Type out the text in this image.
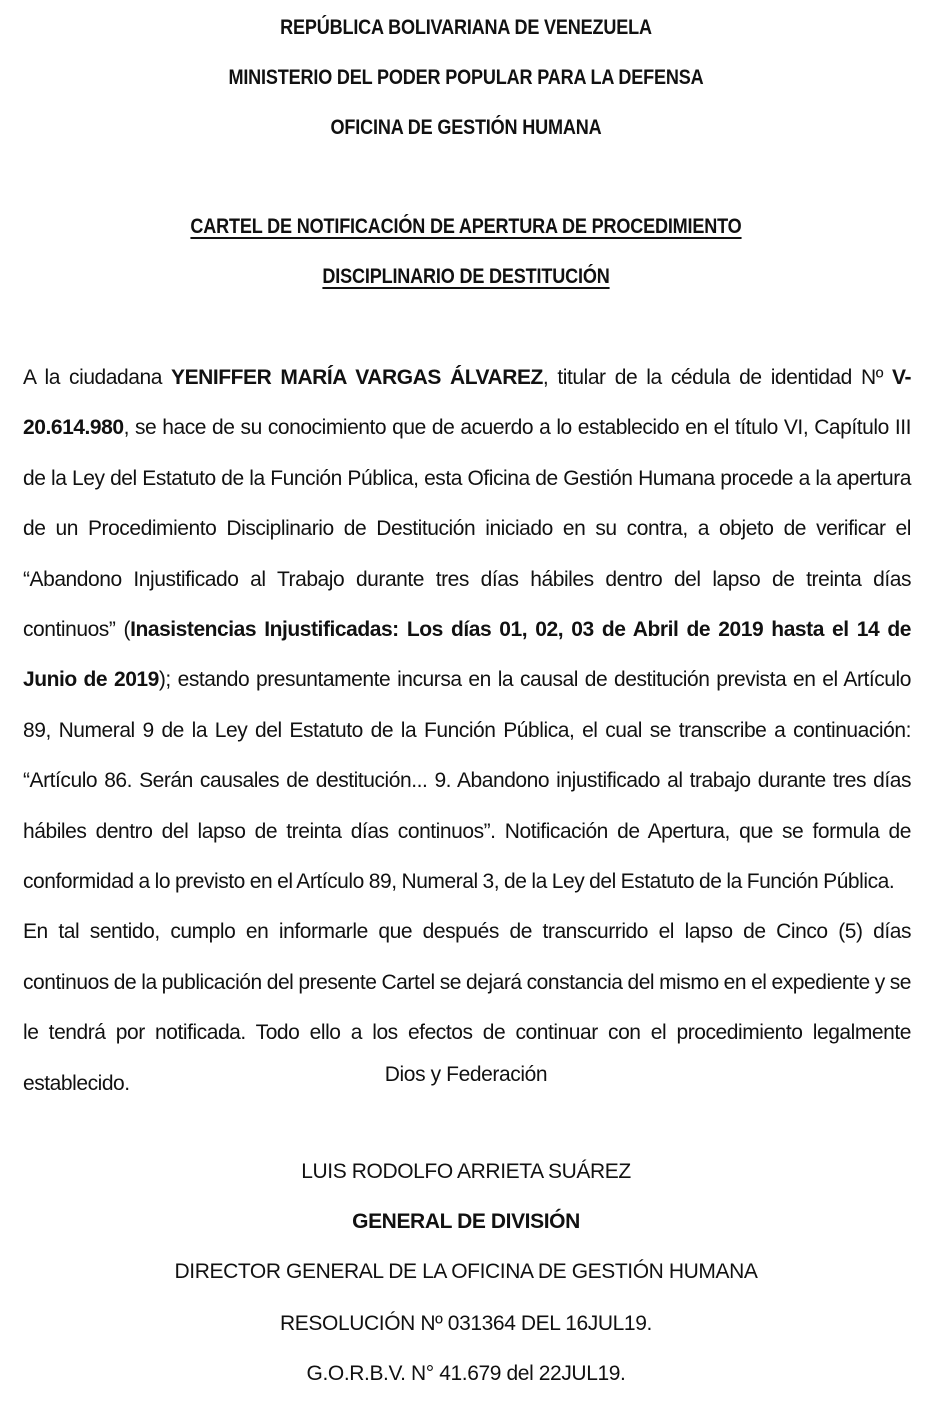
REPÚBLICA BOLIVARIANA DE VENEZUELA
MINISTERIO DEL PODER POPULAR PARA LA DEFENSA
OFICINA DE GESTIÓN HUMANA
CARTEL DE NOTIFICACIÓN DE APERTURA DE PROCEDIMIENTO
DISCIPLINARIO DE DESTITUCIÓN

A la ciudadana YENIFFER MARÍA VARGAS ÁLVAREZ, titular de la cédula de identidad Nº V-20.614.980, se hace de su conocimiento que de acuerdo a lo establecido en el título VI, Capítulo III de la Ley del Estatuto de la Función Pública, esta Oficina de Gestión Humana procede a la apertura de un Procedimiento Disciplinario de Destitución iniciado en su contra, a objeto de verificar el “Abandono Injustificado al Trabajo durante tres días hábiles dentro del lapso de treinta días continuos” (Inasistencias Injustificadas: Los días 01, 02, 03 de Abril de 2019 hasta el 14 de Junio de 2019); estando presuntamente incursa en la causal de destitución prevista en el Artículo 89, Numeral 9 de la Ley del Estatuto de la Función Pública, el cual se transcribe a continuación: “Artículo 86. Serán causales de destitución... 9. Abandono injustificado al trabajo durante tres días hábiles dentro del lapso de treinta días continuos”. Notificación de Apertura, que se formula de conformidad a lo previsto en el Artículo 89, Numeral 3, de la Ley del Estatuto de la Función Pública.

En tal sentido, cumplo en informarle que después de transcurrido el lapso de Cinco (5) días continuos de la publicación del presente Cartel se dejará constancia del mismo en el expediente y se le tendrá por notificada. Todo ello a los efectos de continuar con el procedimiento legalmente establecido.	Dios y Federación
LUIS RODOLFO ARRIETA SUÁREZ
GENERAL DE DIVISIÓN
DIRECTOR GENERAL DE LA OFICINA DE GESTIÓN HUMANA
RESOLUCIÓN Nº 031364 DEL 16JUL19.
G.O.R.B.V. N° 41.679 del 22JUL19.
